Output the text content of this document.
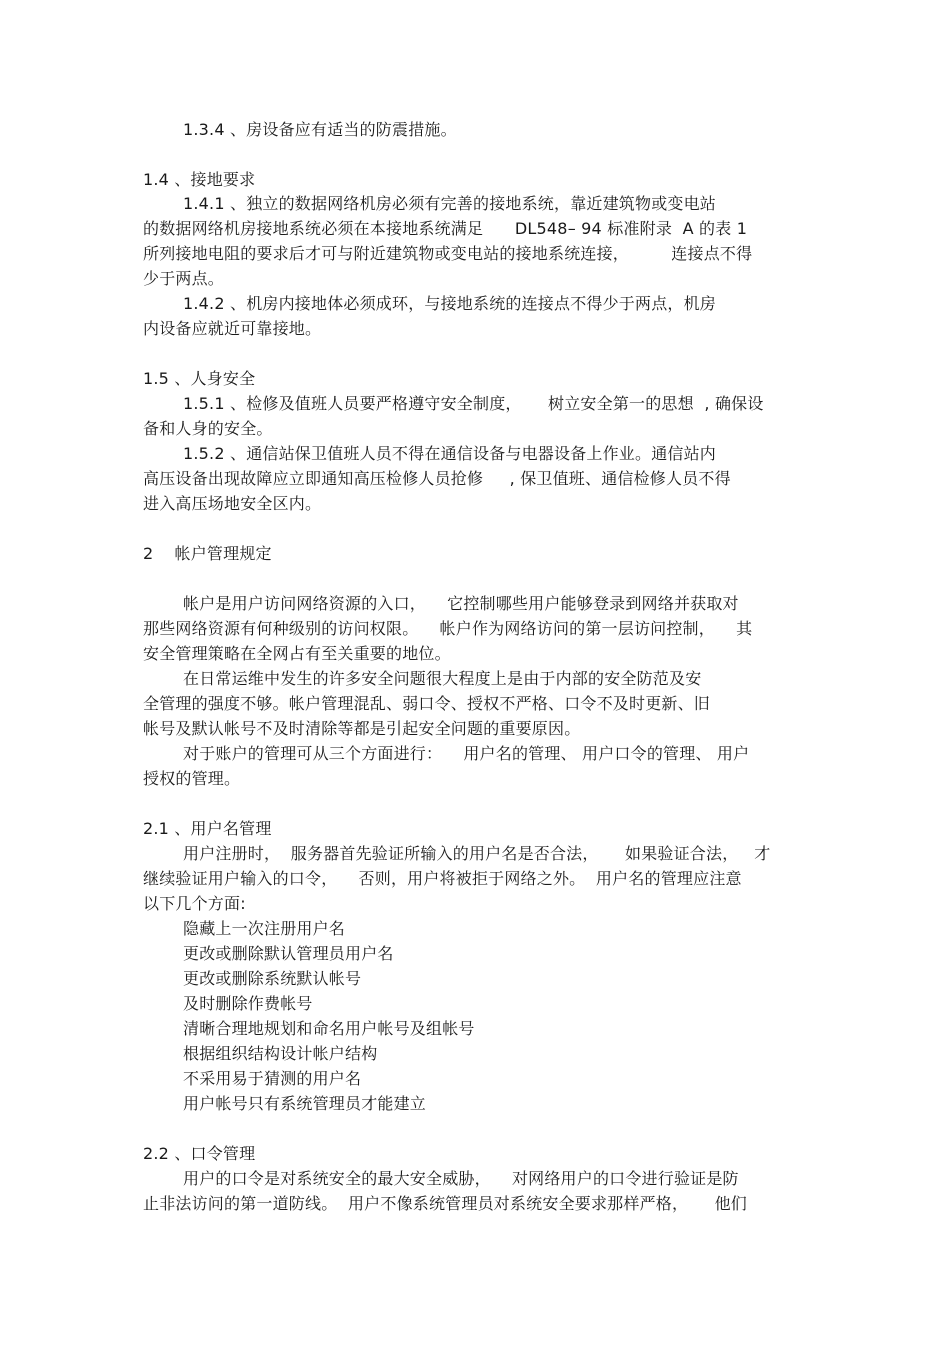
1.3.4 、房设备应有适当的防震措施。
1.4 、接地要求
1.4.1 、独立的数据网络机房必须有完善的接地系统，靠近建筑物或变电站
的数据网络机房接地系统必须在本接地系统满足      DL548– 94 标准附录  A 的表 1
所列接地电阻的要求后才可与附近建筑物或变电站的接地系统连接，        连接点不得
少于两点。
1.4.2 、机房内接地体必须成环，与接地系统的连接点不得少于两点，机房
内设备应就近可靠接地。
1.5 、人身安全
1.5.1 、检修及值班人员要严格遵守安全制度，     树立安全第一的思想  , 确保设
备和人身的安全。
1.5.2 、通信站保卫值班人员不得在通信设备与电器设备上作业。通信站内
高压设备出现故障应立即通知高压检修人员抢修     , 保卫值班、通信检修人员不得
进入高压场地安全区内。
2    帐户管理规定
帐户是用户访问网络资源的入口，    它控制哪些用户能够登录到网络并获取对
那些网络资源有何种级别的访问权限。    帐户作为网络访问的第一层访问控制，    其
安全管理策略在全网占有至关重要的地位。
在日常运维中发生的许多安全问题很大程度上是由于内部的安全防范及安
全管理的强度不够。帐户管理混乱、弱口令、授权不严格、口令不及时更新、旧
帐号及默认帐号不及时清除等都是引起安全问题的重要原因。
对于账户的管理可从三个方面进行：    用户名的管理、 用户口令的管理、 用户
授权的管理。
2.1 、用户名管理
用户注册时，  服务器首先验证所输入的用户名是否合法，     如果验证合法，   才
继续验证用户输入的口令，    否则，用户将被拒于网络之外。  用户名的管理应注意
以下几个方面:
隐藏上一次注册用户名
更改或删除默认管理员用户名
更改或删除系统默认帐号
及时删除作费帐号
清晰合理地规划和命名用户帐号及组帐号
根据组织结构设计帐户结构
不采用易于猜测的用户名
用户帐号只有系统管理员才能建立
2.2 、口令管理
用户的口令是对系统安全的最大安全威胁，    对网络用户的口令进行验证是防
止非法访问的第一道防线。  用户不像系统管理员对系统安全要求那样严格，     他们
